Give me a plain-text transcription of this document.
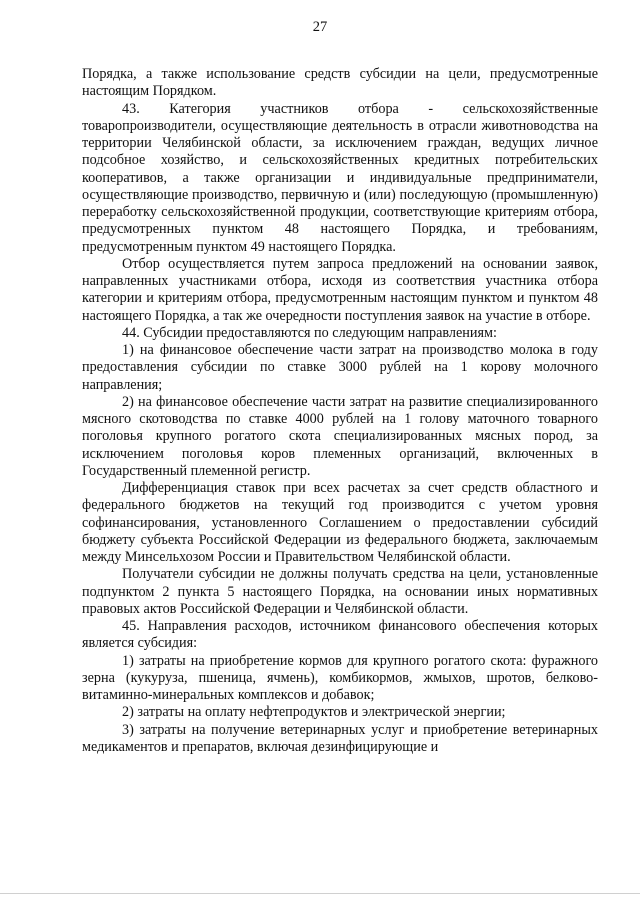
27

Порядка, а также использование средств субсидии на цели, предусмотренные настоящим Порядком.

43. Категория участников отбора - сельскохозяйственные товаропроизводители, осуществляющие деятельность в отрасли животноводства на территории Челябинской области, за исключением граждан, ведущих личное подсобное хозяйство, и сельскохозяйственных кредитных потребительских кооперативов, а также организации и индивидуальные предприниматели, осуществляющие производство, первичную и (или) последующую (промышленную) переработку сельскохозяйственной продукции, соответствующие критериям отбора, предусмотренных пунктом 48 настоящего Порядка, и требованиям, предусмотренным пунктом 49 настоящего Порядка.

Отбор осуществляется путем запроса предложений на основании заявок, направленных участниками отбора, исходя из соответствия участника отбора категории и критериям отбора, предусмотренным настоящим пунктом и пунктом 48 настоящего Порядка, а так же очередности поступления заявок на участие в отборе.

44. Субсидии предоставляются по следующим направлениям:

1) на финансовое обеспечение части затрат на производство молока в году предоставления субсидии по ставке 3000 рублей на 1 корову молочного направления;

2) на финансовое обеспечение части затрат на развитие специализированного мясного скотоводства по ставке 4000 рублей на 1 голову маточного товарного поголовья крупного рогатого скота специализированных мясных пород, за исключением поголовья коров племенных организаций, включенных в Государственный племенной регистр.

Дифференциация ставок при всех расчетах за счет средств областного и федерального бюджетов на текущий год производится с учетом уровня софинансирования, установленного Соглашением о предоставлении субсидий бюджету субъекта Российской Федерации из федерального бюджета, заключаемым между Минсельхозом России и Правительством Челябинской области.

Получатели субсидии не должны получать средства на цели, установленные подпунктом 2 пункта 5 настоящего Порядка, на основании иных нормативных правовых актов Российской Федерации и Челябинской области.

45. Направления расходов, источником финансового обеспечения которых является субсидия:

1) затраты на приобретение кормов для крупного рогатого скота: фуражного зерна (кукуруза, пшеница, ячмень), комбикормов, жмыхов, шротов, белково-витаминно-минеральных комплексов и добавок;

2) затраты на оплату нефтепродуктов и электрической энергии;

3) затраты на получение ветеринарных услуг и приобретение ветеринарных медикаментов и препаратов, включая дезинфицирующие и
